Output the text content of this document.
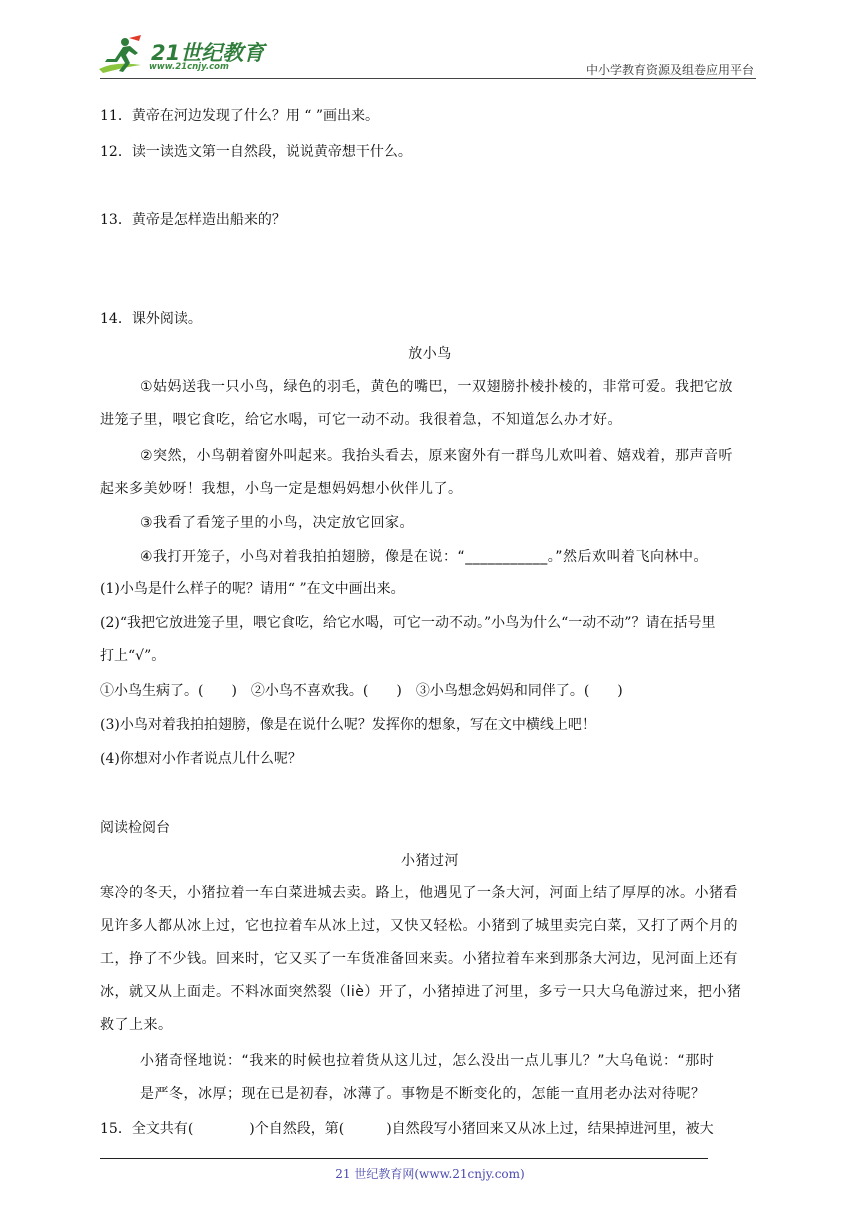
21世纪教育
www.21cnjy.com	中小学教育资源及组卷应用平台
11．黄帝在河边发现了什么？用 “ ”画出来。
12．读一读选文第一自然段，说说黄帝想干什么。
13．黄帝是怎样造出船来的？
14．课外阅读。
放小鸟
①姑妈送我一只小鸟，绿色的羽毛，黄色的嘴巴，一双翅膀扑棱扑棱的，非常可爱。我把它放
进笼子里，喂它食吃，给它水喝，可它一动不动。我很着急，不知道怎么办才好。
②突然，小鸟朝着窗外叫起来。我抬头看去，原来窗外有一群鸟儿欢叫着、嬉戏着，那声音听
起来多美妙呀！我想，小鸟一定是想妈妈想小伙伴儿了。
③我看了看笼子里的小鸟，决定放它回家。
④我打开笼子，小鸟对着我拍拍翅膀，像是在说：“___________。”然后欢叫着飞向林中。
(1)小鸟是什么样子的呢？请用“ ”在文中画出来。
(2)“我把它放进笼子里，喂它食吃，给它水喝，可它一动不动。”小鸟为什么“一动不动”？请在括号里
打上“√”。
①小鸟生病了。(　　)　②小鸟不喜欢我。(　　)　③小鸟想念妈妈和同伴了。(　　)
(3)小鸟对着我拍拍翅膀，像是在说什么呢？发挥你的想象，写在文中横线上吧！
(4)你想对小作者说点儿什么呢？
阅读检阅台
小猪过河
寒冷的冬天，小猪拉着一车白菜进城去卖。路上，他遇见了一条大河，河面上结了厚厚的冰。小猪看
见许多人都从冰上过，它也拉着车从冰上过，又快又轻松。小猪到了城里卖完白菜，又打了两个月的
工，挣了不少钱。回来时，它又买了一车货准备回来卖。小猪拉着车来到那条大河边，见河面上还有
冰，就又从上面走。不料冰面突然裂（liè）开了，小猪掉进了河里，多亏一只大乌龟游过来，把小猪
救了上来。
小猪奇怪地说：“我来的时候也拉着货从这儿过，怎么没出一点儿事儿？”大乌龟说：“那时
是严冬，冰厚；现在已是初春，冰薄了。事物是不断变化的，怎能一直用老办法对待呢？
15．全文共有(　　　　)个自然段，第(　　　)自然段写小猪回来又从冰上过，结果掉进河里，被大
21 世纪教育网(www.21cnjy.com)
